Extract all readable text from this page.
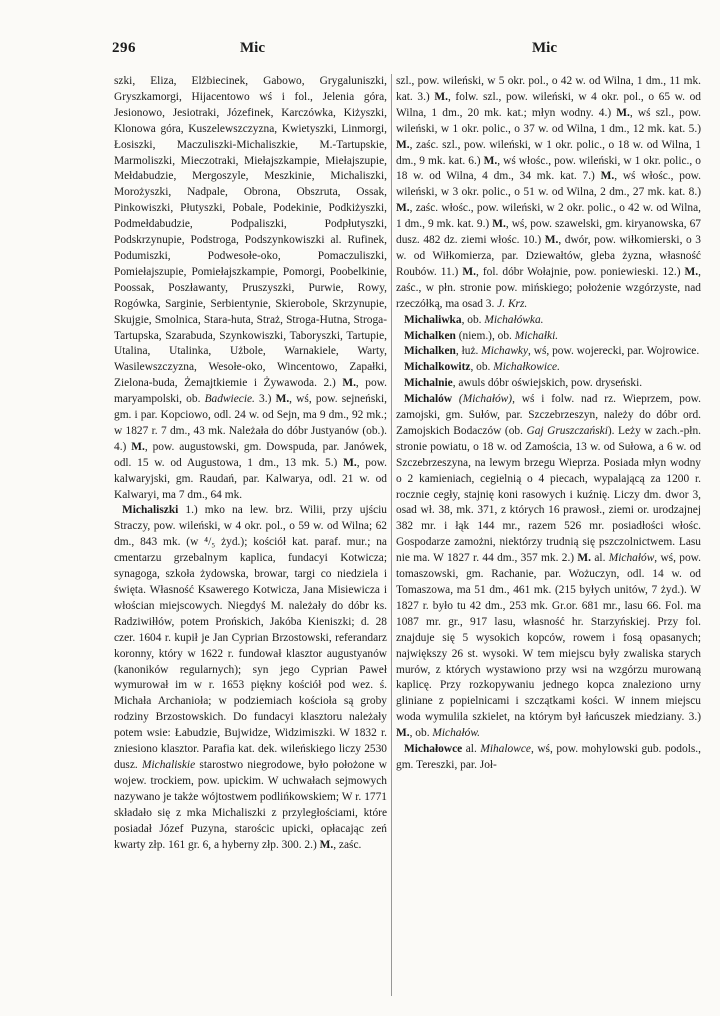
296	Mic	Mic

szki, Eliza, Elżbiecinek, Gabowo, Grygaluniszki, Gryszkamorgi, Hijacentowo wś i fol., Jelenia góra, Jesionowo, Jesiotraki, Józefinek, Karczówka, Kiżyszki, Klonowa góra, Kuszelewszczyzna, Kwietyszki, Linmorgi, Łosiszki, Maczuliszki-Michaliszkie, M.-Tartupskie, Marmoliszki, Mieczotraki, Miełajszkampie, Miełajszupie, Mełdabudzie, Mergoszyle, Meszkinie, Michaliszki, Morożyszki, Nadpale, Obrona, Obszruta, Ossak, Pinkowiszki, Płutyszki, Pobale, Podekinie, Podkiżyszki, Podmełdabudzie, Podpaliszki, Podpłutyszki, Podskrzynupie, Podstroga, Podszynkowiszki al. Rufinek, Podumiszki, Podwesołe-oko, Pomaczuliszki, Pomiełajszupie, Pomiełajszkampie, Pomorgi, Poobelkinie, Poossak, Poszławanty, Pruszyszki, Purwie, Rowy, Rogówka, Sarginie, Serbientynie, Skierobole, Skrzynupie, Skujgie, Smolnica, Stara-huta, Straż, Stroga-Hutna, Stroga-Tartupska, Szarabuda, Szynkowiszki, Taboryszki, Tartupie, Utalina, Utalinka, Użbole, Warnakiele, Warty, Wasilewszczyzna, Wesołe-oko, Wincentowo, Zapałki, Zielona-buda, Żemajtkiemie i Żywawoda. 2.) M., pow. maryampolski, ob. Badwiecie. 3.) M., wś, pow. sejneński, gm. i par. Kopciowo, odl. 24 w. od Sejn, ma 9 dm., 92 mk.; w 1827 r. 7 dm., 43 mk. Należała do dóbr Justyanów (ob.). 4.) M., pow. augustowski, gm. Dowspuda, par. Janówek, odl. 15 w. od Augustowa, 1 dm., 13 mk. 5.) M., pow. kalwaryjski, gm. Raudań, par. Kalwarya, odl. 21 w. od Kalwaryi, ma 7 dm., 64 mk.

Michaliszki 1.) mko na lew. brz. Wilii, przy ujściu Straczy, pow. wileński, w 4 okr. pol., o 59 w. od Wilna; 62 dm., 843 mk. (w ⁴/₅ żyd.); kościół kat. paraf. mur.; na cmentarzu grzebalnym kaplica, fundacyi Kotwicza; synagoga, szkoła żydowska, browar, targi co niedziela i święta. Własność Ksawerego Kotwicza, Jana Misiewicza i włościan miejscowych. Niegdyś M. należały do dóbr ks. Radziwiłłów, potem Prońskich, Jakóba Kieniszki; d. 28 czer. 1604 r. kupił je Jan Cyprian Brzostowski, referandarz koronny, który w 1622 r. fundował klasztor augustyanów (kanoników regularnych); syn jego Cyprian Paweł wymurował im w r. 1653 piękny kościół pod wez. ś. Michała Archanioła; w podziemiach kościoła są groby rodziny Brzostowskich. Do fundacyi klasztoru należały potem wsie: Łabudzie, Bujwidze, Widzimiszki. W 1832 r. zniesiono klasztor. Parafia kat. dek. wileńskiego liczy 2530 dusz. Michaliskie starostwo niegrodowe, było położone w wojew. trockiem, pow. upickim. W uchwałach sejmowych nazywano je także wójtostwem podlińkowskiem; W r. 1771 składało się z mka Michaliszki z przyległościami, które posiadał Józef Puzyna, starościc upicki, opłacając zeń kwarty złp. 161 gr. 6, a hyberny złp. 300. 2.) M., zaśc.

szl., pow. wileński, w 5 okr. pol., o 42 w. od Wilna, 1 dm., 11 mk. kat. 3.) M., folw. szl., pow. wileński, w 4 okr. pol., o 65 w. od Wilna, 1 dm., 20 mk. kat.; młyn wodny. 4.) M., wś szl., pow. wileński, w 1 okr. polic., o 37 w. od Wilna, 1 dm., 12 mk. kat. 5.) M., zaśc. szl., pow. wileński, w 1 okr. polic., o 18 w. od Wilna, 1 dm., 9 mk. kat. 6.) M., wś włośc., pow. wileński, w 1 okr. polic., o 18 w. od Wilna, 4 dm., 34 mk. kat. 7.) M., wś włośc., pow. wileński, w 3 okr. polic., o 51 w. od Wilna, 2 dm., 27 mk. kat. 8.) M., zaśc. włośc., pow. wileński, w 2 okr. polic., o 42 w. od Wilna, 1 dm., 9 mk. kat. 9.) M., wś, pow. szawelski, gm. kiryanowska, 67 dusz. 482 dz. ziemi włośc. 10.) M., dwór, pow. wiłkomierski, o 3 w. od Wiłkomierza, par. Dziewałtów, gleba żyzna, własność Roubów. 11.) M., fol. dóbr Wołajnie, pow. poniewieski. 12.) M., zaśc., w płn. stronie pow. mińskiego; położenie wzgórzyste, nad rzeczółką, ma osad 3. J. Krz.

Michaliwka, ob. Michałówka.

Michalken (niem.), ob. Michałki.

Michalken, łuż. Michawky, wś, pow. wojerecki, par. Wojrowice.

Michalkowitz, ob. Michałkowice.

Michalnie, awuls dóbr oświejskich, pow. dryseński.

Michalów (Michałów), wś i folw. nad rz. Wieprzem, pow. zamojski, gm. Sułów, par. Szczebrzeszyn, należy do dóbr ord. Zamojskich Bodaczów (ob. Gaj Gruszczański). Leży w zach.-płn. stronie powiatu, o 18 w. od Zamościa, 13 w. od Sułowa, a 6 w. od Szczebrzeszyna, na lewym brzegu Wieprza. Posiada młyn wodny o 2 kamieniach, cegielnią o 4 piecach, wypalającą za 1200 r. rocznie cegły, stajnię koni rasowych i kuźnię. Liczy dm. dwor 3, osad wł. 38, mk. 371, z których 16 prawosł., ziemi or. urodzajnej 382 mr. i łąk 144 mr., razem 526 mr. posiadłości włośc. Gospodarze zamożni, niektórzy trudnią się pszczolnictwem. Lasu nie ma. W 1827 r. 44 dm., 357 mk. 2.) M. al. Michałów, wś, pow. tomaszowski, gm. Rachanie, par. Wożuczyn, odl. 14 w. od Tomaszowa, ma 51 dm., 461 mk. (215 byłych unitów, 7 żyd.). W 1827 r. było tu 42 dm., 253 mk. Gr.or. 681 mr., lasu 66. Fol. ma 1087 mr. gr., 917 lasu, własność hr. Starzyńskiej. Przy fol. znajduje się 5 wysokich kopców, rowem i fosą opasanych; największy 26 st. wysoki. W tem miejscu były zwaliska starych murów, z których wystawiono przy wsi na wzgórzu murowaną kaplicę. Przy rozkopywaniu jednego kopca znaleziono urny gliniane z popielnicami i szczątkami kości. W innem miejscu woda wymulila szkielet, na którym był łańcuszek miedziany. 3.) M., ob. Michałów.

Michałowce al. Mihalowce, wś, pow. mohylowski gub. podols., gm. Tereszki, par. Joł-
